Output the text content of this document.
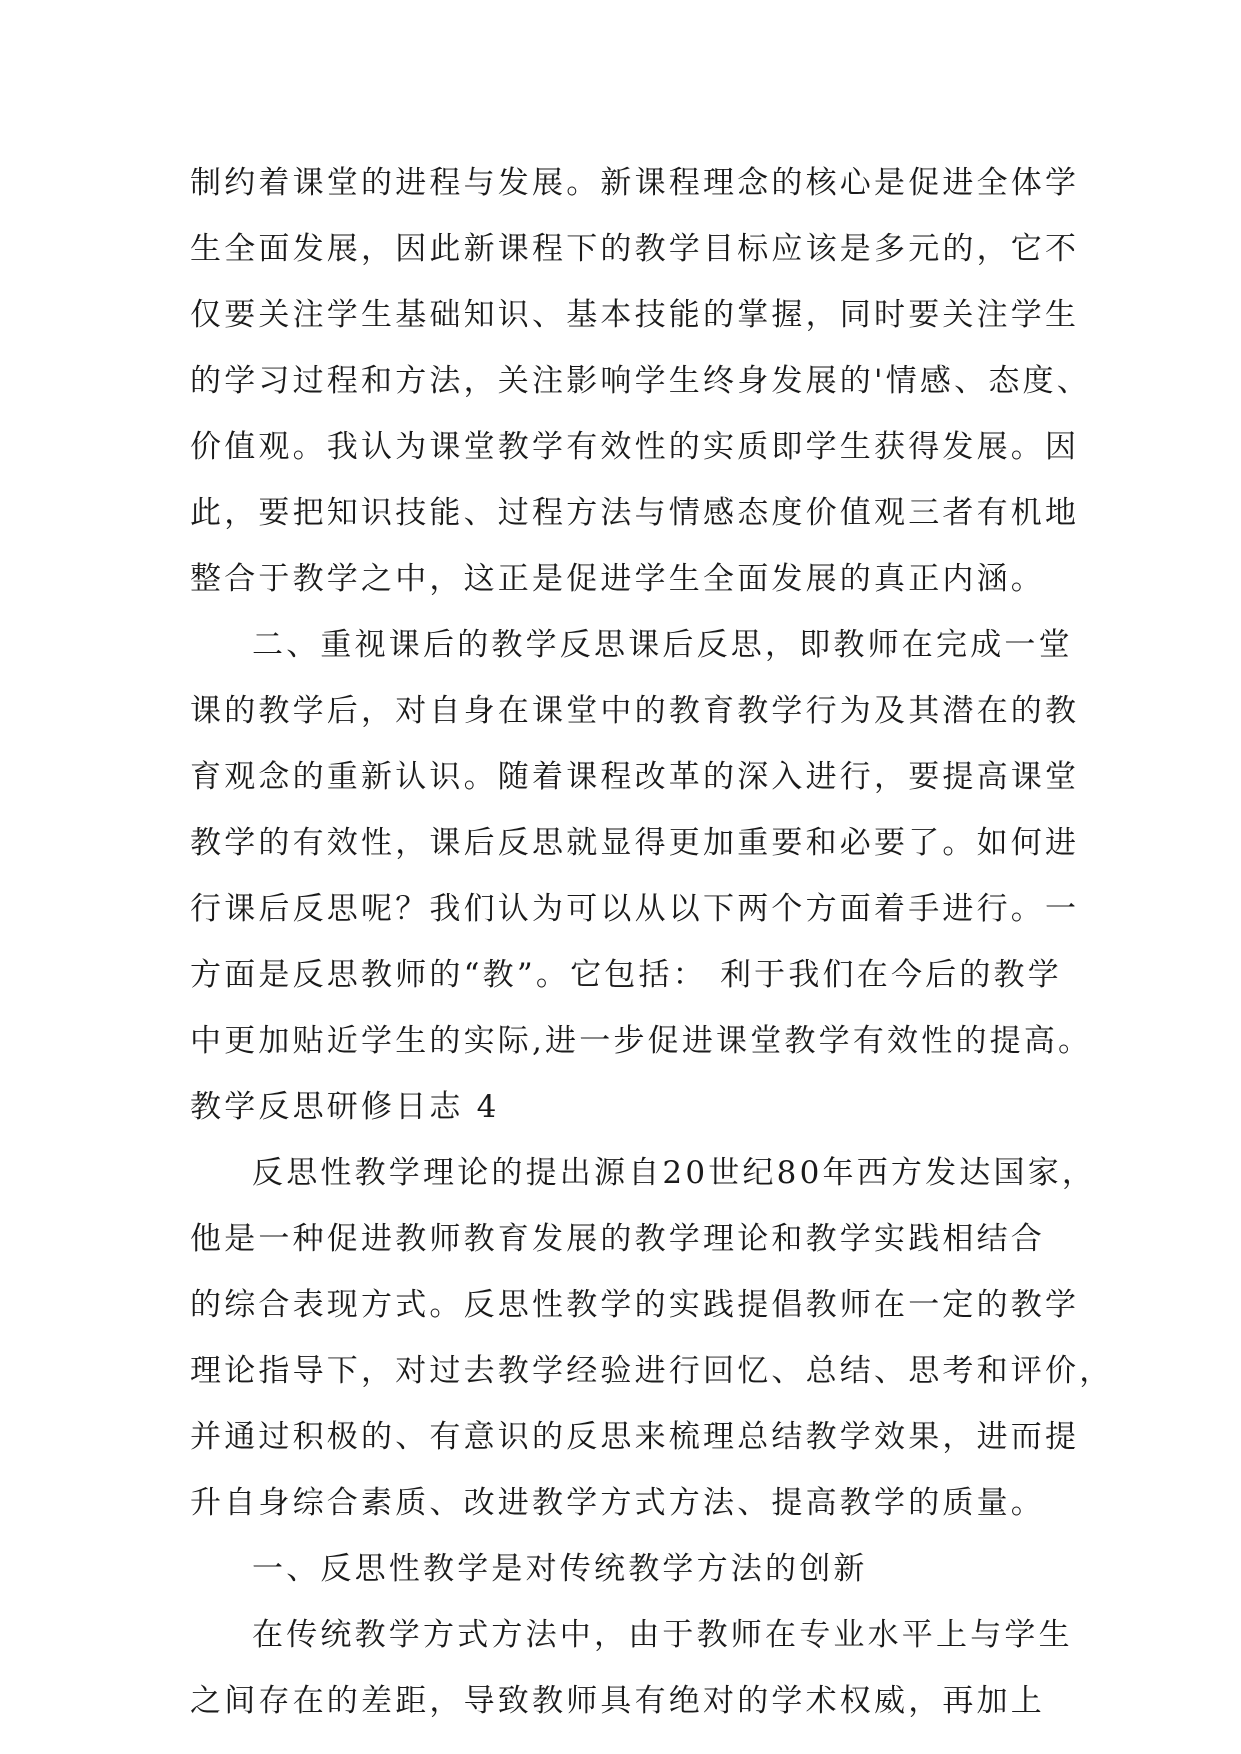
制约着课堂的进程与发展。新课程理念的核心是促进全体学
生全面发展，因此新课程下的教学目标应该是多元的，它不
仅要关注学生基础知识、基本技能的掌握，同时要关注学生
的学习过程和方法，关注影响学生终身发展的'情感、态度、
价值观。我认为课堂教学有效性的实质即学生获得发展。因
此，要把知识技能、过程方法与情感态度价值观三者有机地
整合于教学之中，这正是促进学生全面发展的真正内涵。
二、重视课后的教学反思课后反思，即教师在完成一堂
课的教学后，对自身在课堂中的教育教学行为及其潜在的教
育观念的重新认识。随着课程改革的深入进行，要提高课堂
教学的有效性，课后反思就显得更加重要和必要了。如何进
行课后反思呢？我们认为可以从以下两个方面着手进行。一
方面是反思教师的“教”。它包括： 利于我们在今后的教学
中更加贴近学生的实际,进一步促进课堂教学有效性的提高。
教学反思研修日志 4
反思性教学理论的提出源自20世纪80年西方发达国家，
他是一种促进教师教育发展的教学理论和教学实践相结合
的综合表现方式。反思性教学的实践提倡教师在一定的教学
理论指导下，对过去教学经验进行回忆、总结、思考和评价，
并通过积极的、有意识的反思来梳理总结教学效果，进而提
升自身综合素质、改进教学方式方法、提高教学的质量。
一、反思性教学是对传统教学方法的创新
在传统教学方式方法中，由于教师在专业水平上与学生
之间存在的差距，导致教师具有绝对的学术权威，再加上
